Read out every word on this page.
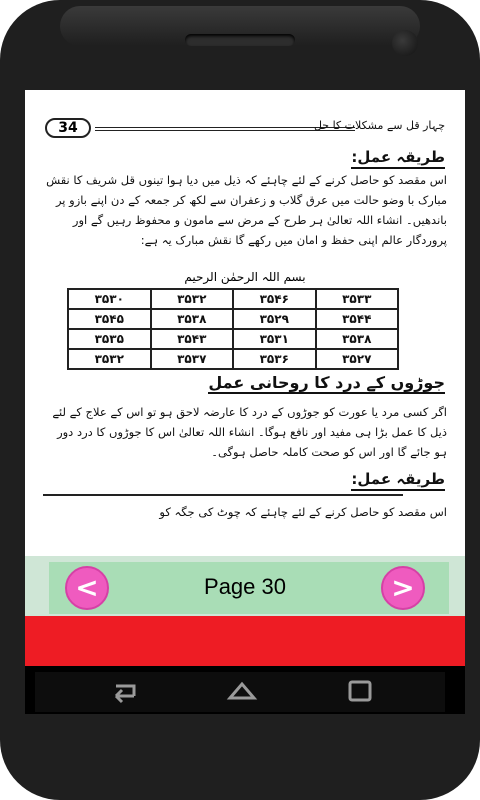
34	چہار قل سے مشکلات کا حل
طریقہ عمل:
اس مقصد کو حاصل کرنے کے لئے چاہئے کہ ذیل میں دیا ہوا تینوں قل شریف کا نقش مبارک با وضو حالت میں عرق گلاب و زعفران سے لکھ کر جمعہ کے دن اپنے بازو پر باندھیں۔ انشاء اللہ تعالیٰ ہر طرح کے مرض سے مامون و محفوظ رہیں گے اور پروردگار عالم اپنی حفظ و امان میں رکھے گا نقش مبارک یہ ہے:
بسم اللہ الرحمٰن الرحیم
۳۵۳۰	۳۵۳۲	۳۵۴۶	۳۵۳۳
۳۵۴۵	۳۵۳۸	۳۵۲۹	۳۵۴۴
۳۵۳۵	۳۵۴۳	۳۵۳۱	۳۵۳۸
۳۵۳۲	۳۵۳۷	۳۵۳۶	۳۵۲۷
جوڑوں کے درد کا روحانی عمل
اگر کسی مرد یا عورت کو جوڑوں کے درد کا عارضہ لاحق ہو تو اس کے علاج کے لئے ذیل کا عمل بڑا ہی مفید اور نافع ہوگا۔ انشاء اللہ تعالیٰ اس کا جوڑوں کا درد دور ہو جائے گا اور اس کو صحت کاملہ حاصل ہوگی۔
طریقہ عمل:
اس مقصد کو حاصل کرنے کے لئے چاہئے کہ چوٹ کی جگہ کو
<	Page 30	>
